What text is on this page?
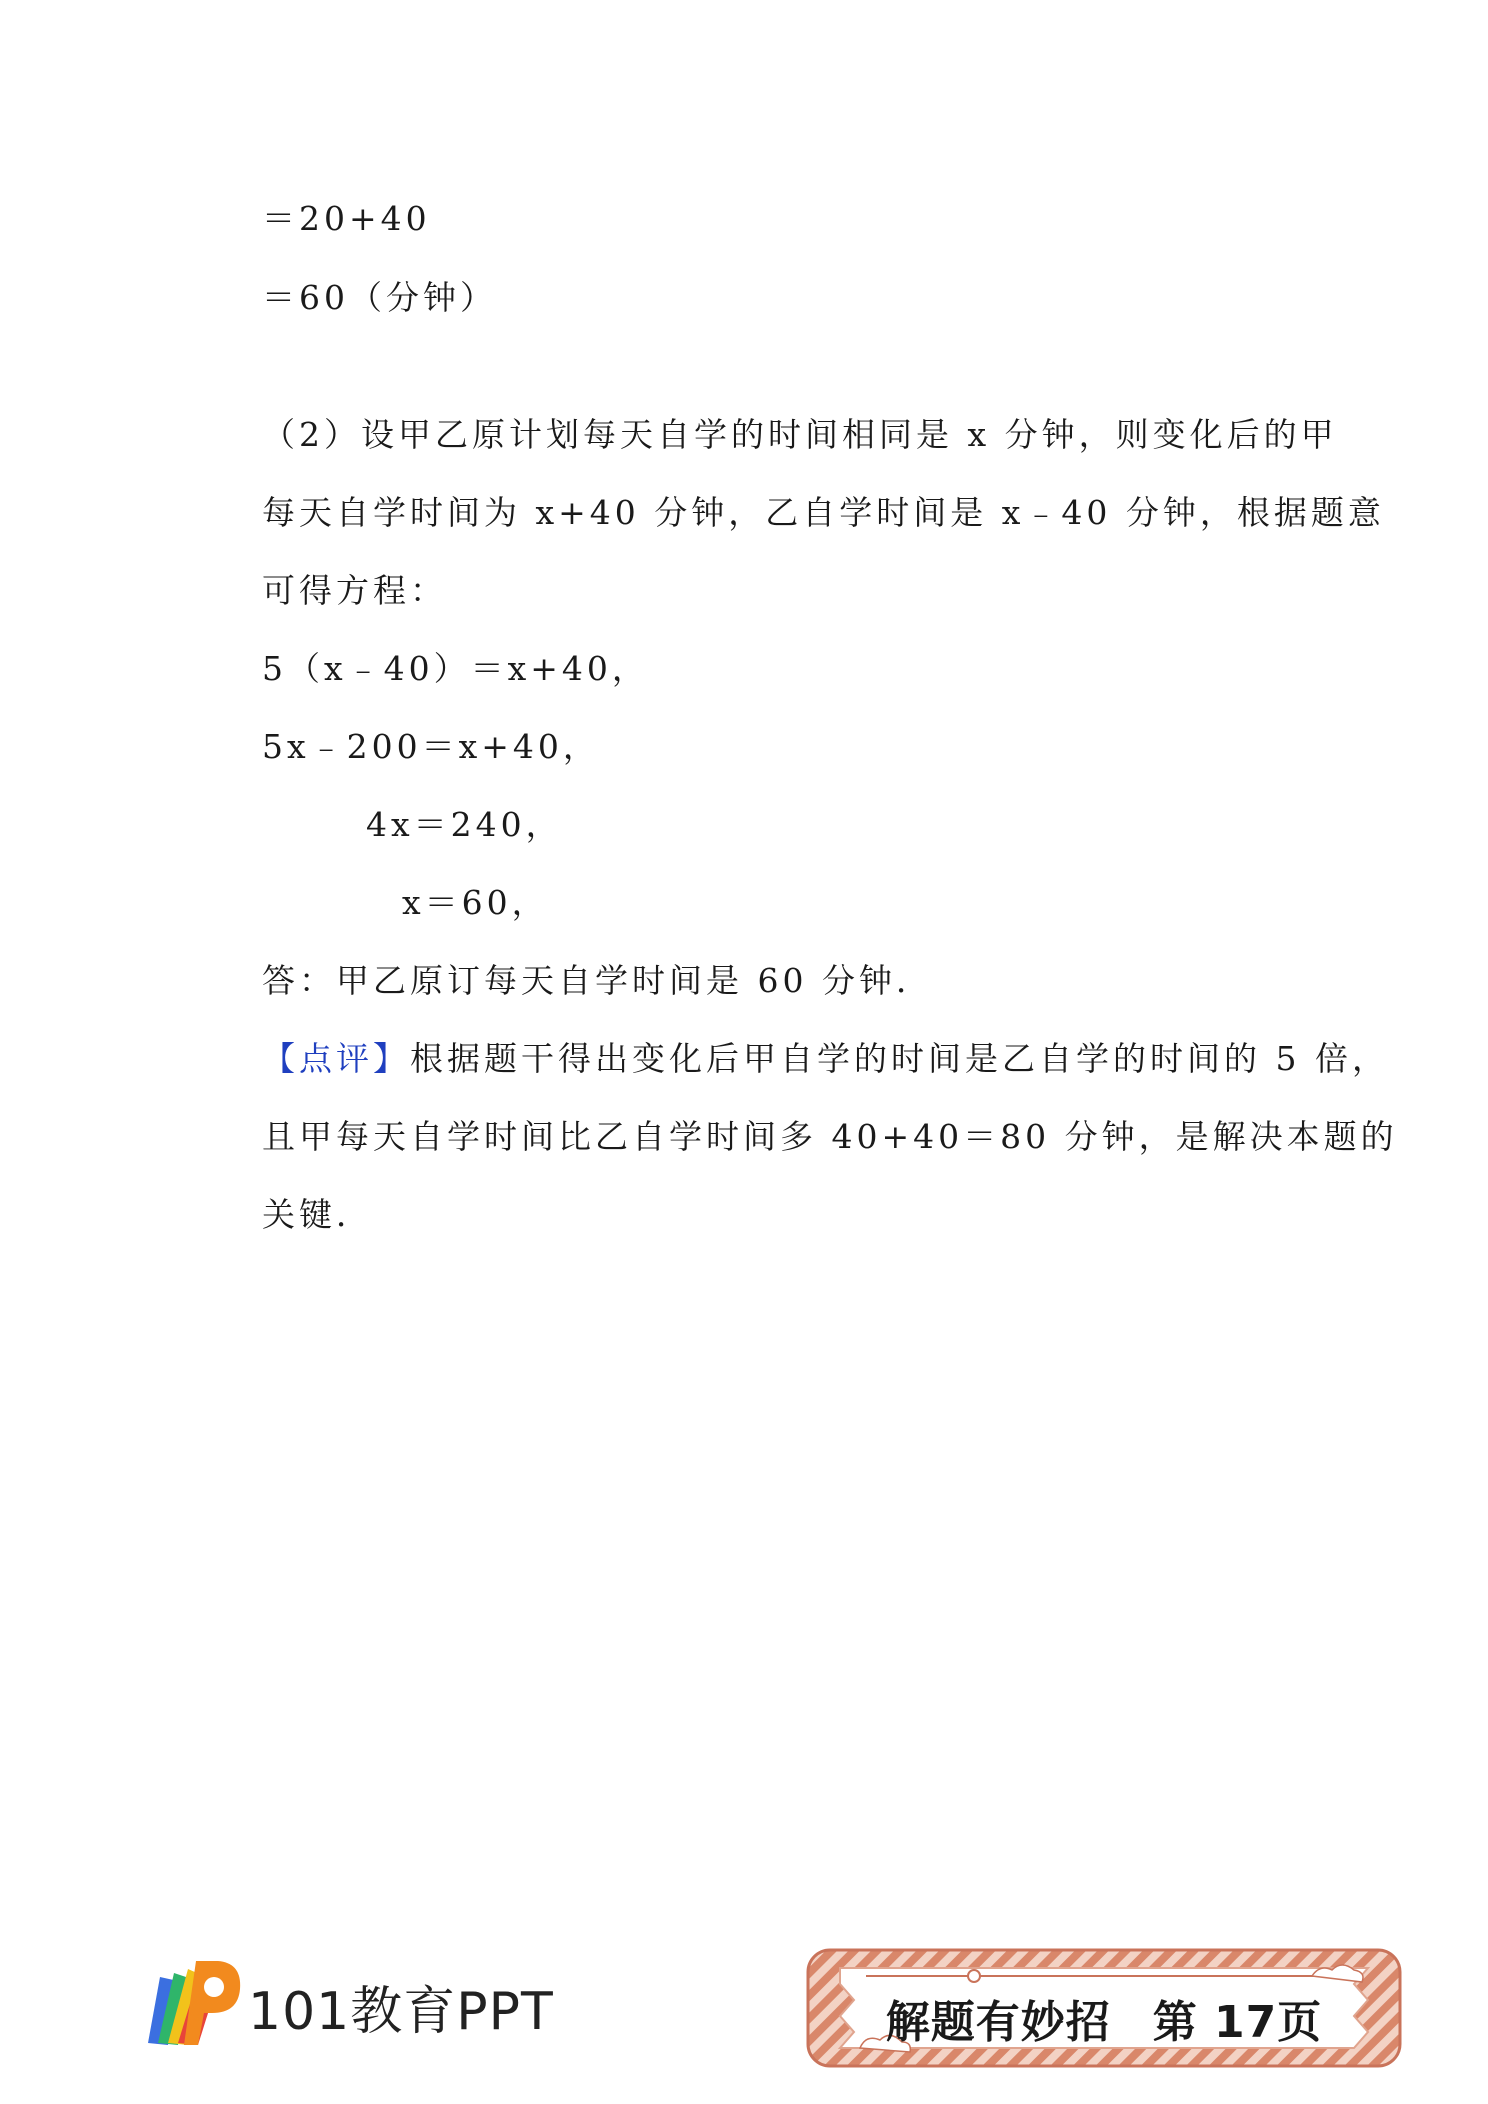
＝20+40
＝60（分钟）
（2）设甲乙原计划每天自学的时间相同是 x 分钟，则变化后的甲
每天自学时间为 x+40 分钟，乙自学时间是 x﹣40 分钟，根据题意
可得方程：
5（x﹣40）＝x+40，
5x﹣200＝x+40，
4x＝240，
x＝60，
答：甲乙原订每天自学时间是 60 分钟．
【点评】根据题干得出变化后甲自学的时间是乙自学的时间的 5 倍，
且甲每天自学时间比乙自学时间多 40+40＝80 分钟，是解决本题的
关键．
101教育PPT	解题有妙招 第 17页
